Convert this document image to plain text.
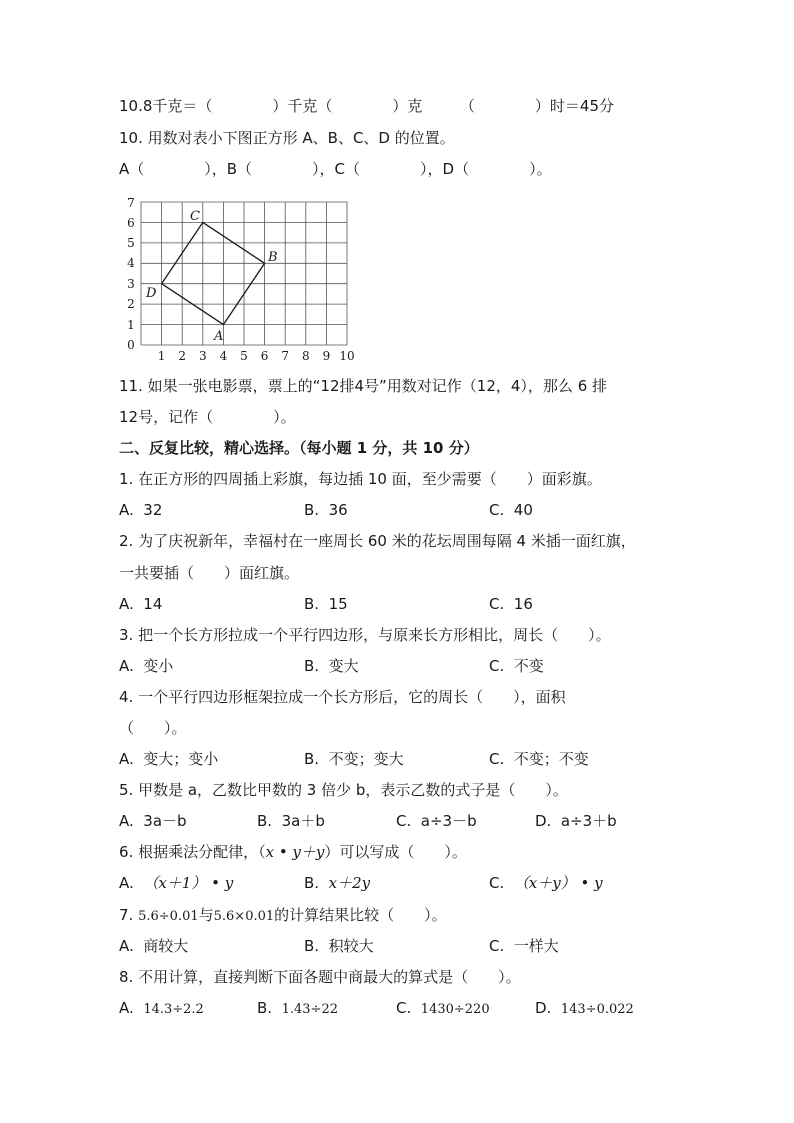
10.8千克＝（　　　　）千克（　　　　）克　　　（　　　　）时＝45分
10. 用数对表小下图正方形 A、B、C、D 的位置。
A（　　　　），B（　　　　），C（　　　　），D（　　　　）。
0
1
2
3
4
5
6
7
1 2 3 4 5 6 7 8 9 10
A
B
C
D
11. 如果一张电影票，票上的“12排4号”用数对记作（12，4），那么 6 排
12号，记作（　　　　）。
二、反复比较，精心选择。（每小题 1 分，共 10 分）
1. 在正方形的四周插上彩旗，每边插 10 面，至少需要（　　）面彩旗。
A.  32	B.  36	C.  40
2. 为了庆祝新年，幸福村在一座周长 60 米的花坛周围每隔 4 米插一面红旗，
一共要插（　　）面红旗。
A.  14	B.  15	C.  16
3. 把一个长方形拉成一个平行四边形，与原来长方形相比，周长（　　）。
A.  变小	B.  变大	C.  不变
4. 一个平行四边形框架拉成一个长方形后，它的周长（　　），面积
（　　）。
A.  变大；变小	B.  不变；变大	C.  不变；不变
5. 甲数是 a，乙数比甲数的 3 倍少 b，表示乙数的式子是（　　）。
A.  3a－b	B.  3a＋b	C.  a÷3－b	D.  a÷3＋b
6. 根据乘法分配律，（x • y＋y）可以写成（　　）。
A. （x＋1） • y	B. x＋2y	C. （x＋y） • y
7. 5.6÷0.01与5.6×0.01的计算结果比较（　　）。
A.  商较大	B.  积较大	C.  一样大
8. 不用计算，直接判断下面各题中商最大的算式是（　　）。
A. 14.3÷2.2	B. 1.43÷22	C. 1430÷220	D. 143÷0.022
